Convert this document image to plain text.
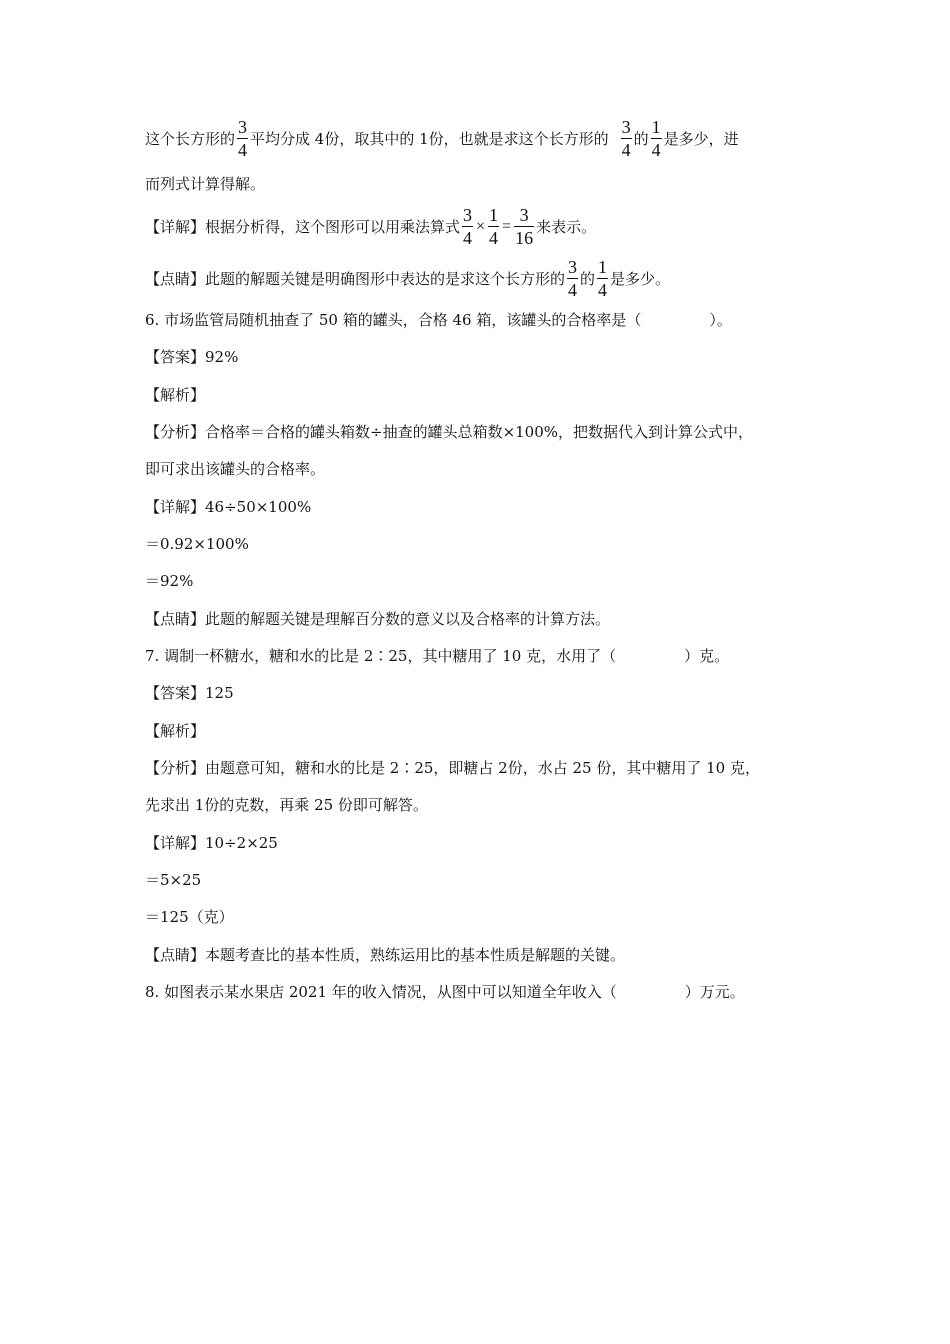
这个长方形的 $\frac{3}{4}$ 平均分成 4份，取其中的 1份，也就是求这个长方形的 $\frac{3}{4}$ 的 $\frac{1}{4}$ 是多少，进
而列式计算得解。
【详解】根据分析得，这个图形可以用乘法算式 $\frac{3}{4} \times \frac{1}{4} = \frac{3}{16}$ 来表示。
【点睛】此题的解题关键是明确图形中表达的是求这个长方形的 $\frac{3}{4}$ 的 $\frac{1}{4}$ 是多少。
6. 市场监管局随机抽查了 50 箱的罐头，合格 46 箱，该罐头的合格率是（	）。
【答案】92%
【解析】
【分析】合格率＝合格的罐头箱数÷抽查的罐头总箱数×100%，把数据代入到计算公式中，
即可求出该罐头的合格率。
【详解】46÷50×100%
＝0.92×100%
＝92%
【点睛】此题的解题关键是理解百分数的意义以及合格率的计算方法。
7. 调制一杯糖水，糖和水的比是 2∶25，其中糖用了 10 克，水用了（	）克。
【答案】125
【解析】
【分析】由题意可知，糖和水的比是 2∶25，即糖占 2份，水占 25 份，其中糖用了 10 克，
先求出 1份的克数，再乘 25 份即可解答。
【详解】10÷2×25
＝5×25
＝125（克）
【点睛】本题考查比的基本性质，熟练运用比的基本性质是解题的关键。
8. 如图表示某水果店 2021 年的收入情况，从图中可以知道全年收入（	）万元。
